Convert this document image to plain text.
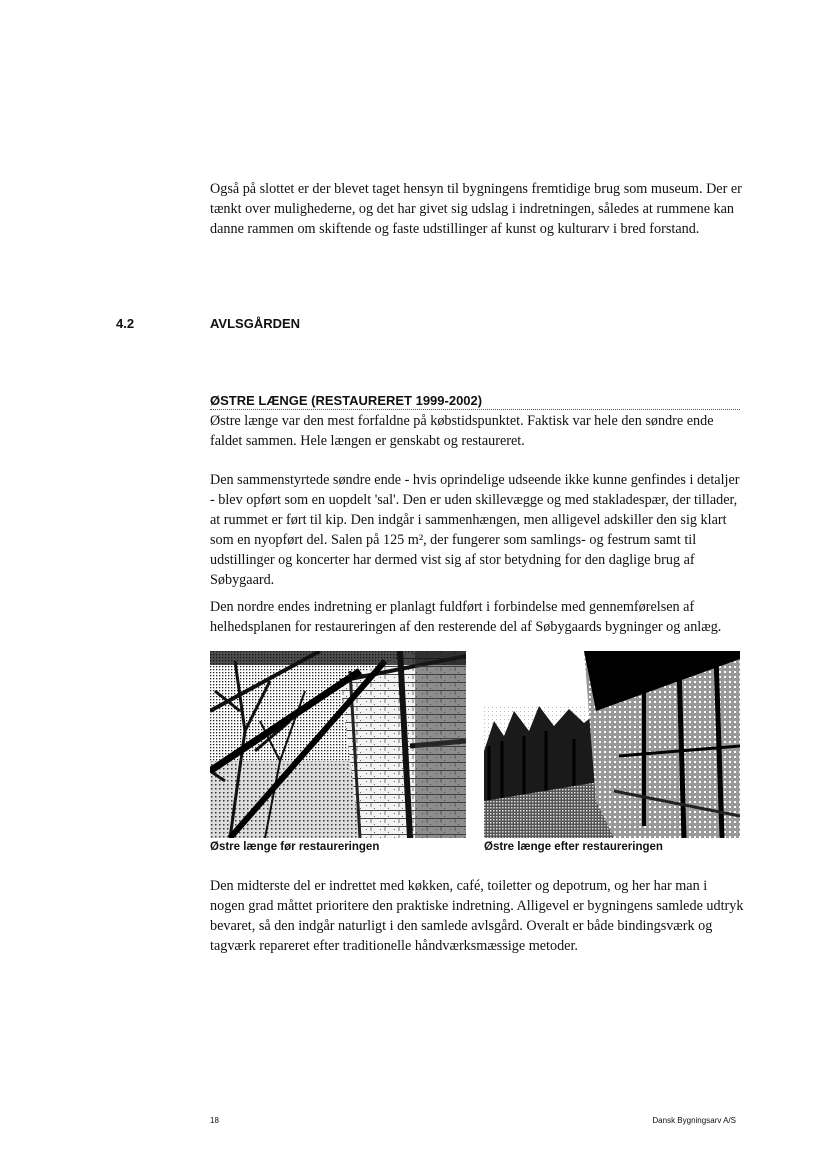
Også på slottet er der blevet taget hensyn til bygningens fremtidige brug som museum. Der er tænkt over mulighederne, og det har givet sig udslag i indretningen, således at rummene kan danne rammen om skiftende og faste udstillinger af kunst og kulturarv i bred forstand.

4.2	AVLSGÅRDEN
ØSTRE LÆNGE (RESTAURERET 1999-2002)

Østre længe var den mest forfaldne på købstidspunktet. Faktisk var hele den søndre ende faldet sammen. Hele længen er genskabt og restaureret.

Den sammenstyrtede søndre ende - hvis oprindelige udseende ikke kunne genfindes i detaljer - blev opført som en uopdelt 'sal'. Den er uden skillevægge og med stakladespær, der tillader, at rummet er ført til kip. Den indgår i sammenhængen, men alligevel adskiller den sig klart som en nyopført del. Salen på 125 m², der fungerer som samlings- og festrum samt til udstillinger og koncerter har dermed vist sig af stor betydning for den daglige brug af Søbygaard.

Den nordre endes indretning er planlagt fuldført i forbindelse med gennemførelsen af helhedsplanen for restaureringen af den resterende del af Søbygaards bygninger og anlæg.

Østre længe før restaureringen	Østre længe efter restaureringen

Den midterste del er indrettet med køkken, café, toiletter og depotrum, og her har man i nogen grad måttet prioritere den praktiske indretning. Alligevel er bygningens samlede udtryk bevaret, så den indgår naturligt i den samlede avlsgård. Overalt er både bindingsværk og tagværk repareret efter traditionelle håndværksmæssige metoder.

18	Dansk Bygningsarv A/S
